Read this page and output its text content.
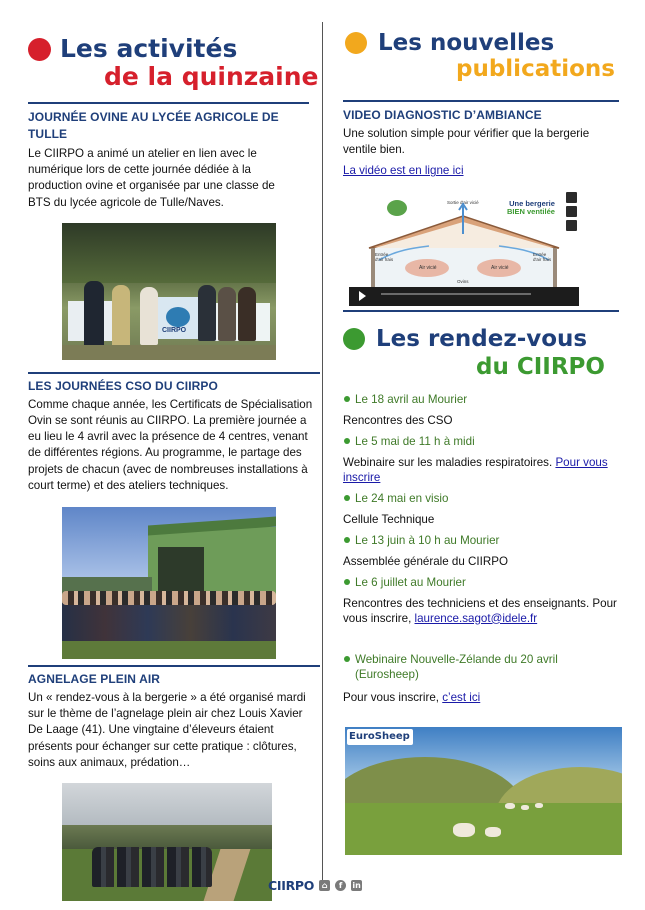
Les activités
de la quinzaine
JOURNÉE OVINE AU LYCÉE AGRICOLE DE TULLE
Le CIIRPO a animé un atelier en lien avec le numérique lors de cette journée dédiée à la production ovine et organisée par une classe de BTS du lycée agricole de Tulle/Naves.
CIIRPO
LES JOURNÉES CSO DU CIIRPO
Comme chaque année, les Certificats de Spécialisation Ovin se sont réunis au CIIRPO. La première journée a eu lieu le 4 avril avec la présence de 4 centres, venant de différentes régions. Au programme, le partage des projets de chacun (avec de nombreuses installations à court terme) et des ateliers techniques.
AGNELAGE PLEIN AIR
Un « rendez-vous à la bergerie » a été organisé mardi sur le thème de l’agnelage plein air chez Louis Xavier De Laage (41). Une vingtaine d’éleveurs étaient présents pour échanger sur cette pratique : clôtures, soins aux animaux, prédation…
Les nouvelles
publications
VIDEO DIAGNOSTIC D’AMBIANCE
Une solution simple pour vérifier que la bergerie ventile bien.
La vidéo est en ligne ici
Une bergerie
BIEN ventilée
Sortie d'air vicié
Entrée d'air frais
Entrée d'air frais
Air vicié	Air vicié
Ovins
Les rendez-vous
du CIIRPO
Le 18 avril au Mourier
Rencontres des CSO
Le 5 mai de 11 h à midi
Webinaire sur les maladies respiratoires. Pour vous inscrire
Le 24 mai en visio
Cellule Technique
Le 13 juin à 10 h au Mourier
Assemblée générale du CIIRPO
Le 6 juillet au Mourier
Rencontres des techniciens et des enseignants. Pour vous inscrire, laurence.sagot@idele.fr
Webinaire Nouvelle-Zélande du 20 avril (Eurosheep)
Pour vous inscrire, c’est ici
EuroSheep
CIIRPO ⌂	f	in
